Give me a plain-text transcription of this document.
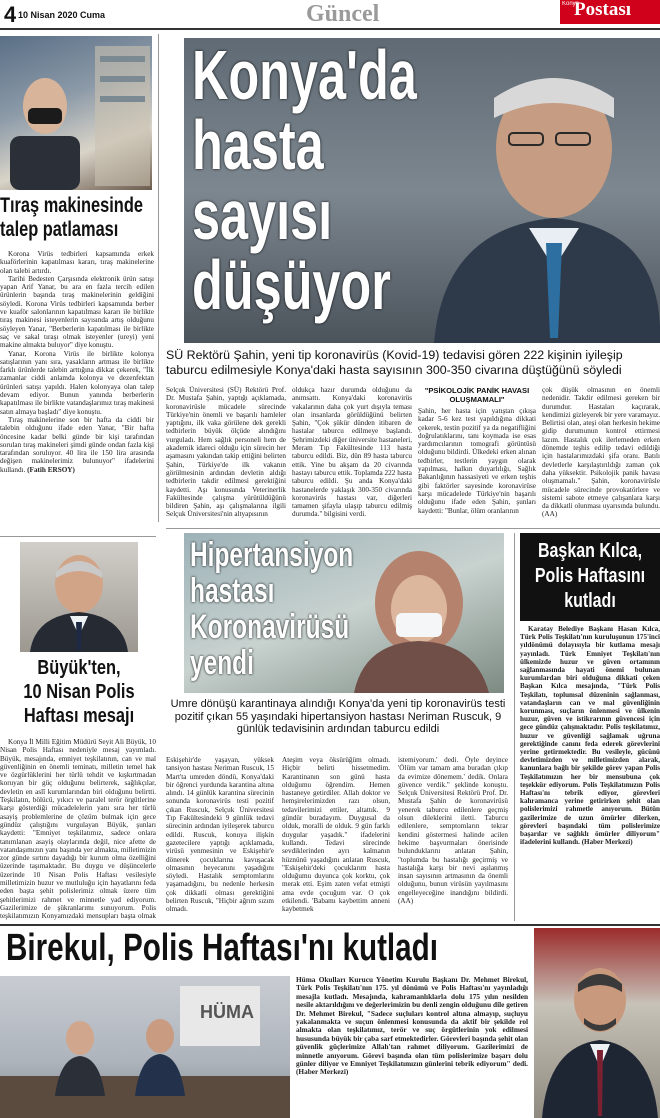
4 10 Nisan 2020 Cuma	Güncel	Konya
Postası
Tıraş makinesinde
talep patlaması

Korona Virüs tedbirleri kapsamında erkek kuaförlerinin kapatılması kararı, tıraş makinelerine olan talebi artırdı.

Tarihi Bedesten Çarşısında elektronik ürün satışı yapan Arif Yanar, bu ara en fazla tercih edilen ürünlerin başında tıraş makinelerinin geldiğini söyledi. Korona Virüs tedbirleri kapsamında berber ve kuaför salonlarının kapatılması kararı ile birlikte tıraş makinesi isteyenlerin sayısında artış olduğunu söyleyen Yanar, "Berberlerin kapatılması ile birlikte saç ve sakal tıraşı olmak isteyenler (ureyi) yeni makine almakta buluyor" diye konuştu.

Yanar, Korona Virüs ile birlikte kolonya satışlarının yanı sıra, yasakların artması ile birlikte farklı ürünlerde talebin arttığına dikkat çekerek, "İlk zamanlar ciddi anlamda kolonya ve dezenfektan ürünleri satışı yapıldı. Halen kolonyaya olan talep devam ediyor. Bunun yanında berberlerin kapatılması ile birlikte vatandaşlarımız tıraş makinesi satın almaya başladı" diye konuştu.

Tıraş makinelerine son bir hafta da ciddi bir talebin olduğunu ifade eden Yanar, "Bir hafta öncesine kadar belki günde bir kişi tarafından sorulan tıraş makineleri şimdi günde ondan fazla kişi tarafından soruluyor. 40 lira ile 150 lira arasında değişen makinelerimiz bulunuyor" ifadelerini kullandı. (Fatih ERSOY)

Konya'da
hasta
sayısı
düşüyor
SÜ Rektörü Şahin, yeni tip koronavirüs (Kovid-19) tedavisi gören 222 kişinin iyileşip taburcu edilmesiyle Konya'daki hasta sayısının 300-350 civarına düştüğünü söyledi
Selçuk Üniversitesi (SÜ) Rektörü Prof. Dr. Mustafa Şahin, yaptığı açıklamada, koronavirüsle mücadele sürecinde Türkiye'nin önemli ve başarılı hamleler yaptığını, ilk vaka görülene dek gerekli tedbirlerin büyük ölçüde alındığını vurguladı. Hem sağlık personeli hem de akademik idareci olduğu için sürecin her aşamasını yakından takip ettiğini belirten Şahin, Türkiye'de ilk vakanın görülmesinin ardından devletin aldığı tedbirlerin takdir edilmesi gerektiğini kaydetti. Aşı konusunda Veterinerlik Fakültesinde çalışma yürütüldüğünü bildiren Şahin, aşı çalışmalarına ilgili Selçuk Üniversitesi'nin altyapısının
oldukça hazır durumda olduğunu da anımsattı. Konya'daki koronavirüs vakalarının daha çok yurt dışıyla teması olan insanlarda görüldüğünü belirten Şahin, "Çok şükür dünden itibaren de hastalar taburcu edilmeye başlandı. Şehrimizdeki diğer üniversite hastaneleri, Meram Tıp Fakültesinde 113 hasta taburcu edildi. Biz, dün 89 hasta taburcu ettik. Yine bu akşam da 20 civarında hastayı taburcu ettik. Toplamda 222 hasta taburcu edildi. Şu anda Konya'daki hastanelerde yaklaşık 300-350 civarında koronavirüs hastası var, diğerleri tamamen şifayla ulaşıp taburcu edilmiş durumda." bilgisini verdi.
"PSİKOLOJİK PANİK HAVASI OLUŞMAMALI"
Şahin, her hasta için yatıştan çıkışa kadar 5-6 kez test yapıldığına dikkati çekerek, testin pozitif ya da negatifliğini doğrulatıklarını, tanı koymada ise esas yardımcılarının tomografi görüntüsü olduğunu bildirdi. Ülkedeki erken alınan tedbirler, testlerin yaygın olarak yapılması, halkın duyarlılığı, Sağlık Bakanlığının hassasiyeti ve erken teşhis gibi faktörler sayesinde koronavirüse karşı mücadelede Türkiye'nin başarılı olduğunu ifade eden Şahin, şunları kaydetti: "Bunlar, ölüm oranlarının
çok düşük olmasının en önemli nedenidir. Takdir edilmesi gereken bir durumdur. Hastaları kaçırarak, kendimizi gizleyerek bir yere varamayız. Belirtisi olan, ateşi olan herkesin hekime gidip durumunun kontrol ettirmesi lazım. Hastalık çok ilerlemeden erken dönemde teşhis edilip tedavi edildiği için hastalarımızdaki şifa oranı. Batılı devletlerle karşılaştırıldığı zaman çok daha yüksektir. Psikolojik panik havası oluşmamalı." Şahin, koronavirüsle mücadele sürecinde provokatörlere ve sistemi sabote etmeye çalışanlara karşı da dikkatli olunması uyarısında bulundu. (AA)
Büyük'ten,
10 Nisan Polis
Haftası mesajı
Konya İl Milli Eğitim Müdürü Seyit Ali Büyük, 10 Nisan Polis Haftası nedeniyle mesaj yayımladı. Büyük, mesajında, emniyet teşkilatının, can ve mal güvenliğinin en önemli teminatı, milletin temel hak ve özgürlüklerini her türlü tehdit ve kışkırtmadan koruyan bir güç olduğunu belirterek, sağlıkçılar, devletin en aslî kurumlarından biri olduğunu belirtti. Teşkilatın, bölücü, yıkıcı ve paralel terör örgütlerine karşı gösterdiği mücadelelerin yanı sıra her türlü asayiş problemlerine de çözüm bulmak için gece gündüz çalıştığını vurgulayan Büyük, şunları kaydetti: "Emniyet teşkilatımız, sadece onlara tanımlanan asayiş olaylarında değil, nice afette de vatandaşımızın yanı başında yer almakta, milletimizin zor günde sırtını dayadığı bir kurum olma özelliğini üzerinde taşımaktadır. Bu duygu ve düşüncelerle üzerinde 10 Nisan Polis Haftası vesilesiyle milletimizin huzur ve mutluluğu için hayatlarını feda eden başta şehit polislerimiz olmak üzere tüm şehitlerimizi rahmet ve minnetle yad ediyorum. Gazilerimize de şükranlarımı sunuyorum. Polis teşkilatımızın Konyamızdaki mensupları başta olmak
Hipertansiyon
hastası
Koronavirüsü
yendi
Umre dönüşü karantinaya alındığı Konya'da yeni tip koronavirüs testi pozitif çıkan 55 yaşındaki hipertansiyon hastası Neriman Ruscuk, 9 günlük tedavisinin ardından taburcu edildi
Eskişehir'de yaşayan, yüksek tansiyon hastası Neriman Ruscuk, 15 Mart'ta umreden döndü, Konya'daki bir öğrenci yurdunda karantina altına alındı. 14 günlük karantina sürecinin sonunda koronavirüs testi pozitif çıkan Ruscuk, Selçuk Üniversitesi Tıp Fakültesindeki 9 günlük tedavi sürecinin ardından iyileşerek taburcu edildi. Ruscuk, konuya ilişkin gazetecilere yaptığı açıklamada, virüsü yenmesinin ve Eskişehir'e dönerek çocuklarına kavuşacak olmasının heyecanını yaşadığını söyledi. Hastalık semptomlarını yaşamadığını, bu nedenle herkesin çok dikkatli olması gerektiğini belirten Ruscuk, "Hiçbir ağrım sızım olmadı.
Ateşim veya öksürüğüm olmadı. Hiçbir belirti hissetmedim. Karantinanın son günü hasta olduğumu öğrendim. Hemen hastaneye getirdiler. Allah doktor ve hemşirelerimizden razı olsun, tedavilerimizi ettiler, altattık. 9 gündür buradayım. Duygusal da olduk, moralli de olduk. 9 gün farklı duygular yaşadık." ifadelerini kullandı. Tedavi sürecinde sevdiklerinden ayrı kalmanın hüznünü yaşadığını anlatan Ruscuk, "Eskişehir'deki çocuklarım hasta olduğumu duyunca çok korktu, çok merak etti. Eşim zaten vefat etmişti ama evde çocuğum var. O çok etkilendi. 'Babamı kaybettim anneni kaybetmek
istemiyorum.' dedi. Öyle deyince 'Ölüm var tamam ama buradan çıkıp da evimize dönemem.' dedik. Onlara güvence verdik." şeklinde konuştu. Selçuk Üniversitesi Rektörü Prof. Dr. Mustafa Şahin de koronavirüsü yenerek taburcu edilenlere geçmiş olsun dileklerini iletti. Taburcu edilenlere, semptomların tekrar kendini göstermesi halinde acilen hekime başvurmaları önerisinde bulunduklarını anlatan Şahin, "toplumda bu hastalığı geçirmiş ve hastalığa karşı bir nevi aşılanmış insan sayısının artmasının da önemli olduğunu, bunun virüsün yayılmasını engelleyeceğine inandığını bildirdi. (AA)
Başkan Kılca,
Polis Haftasını
kutladı
Karatay Belediye Başkanı Hasan Kılca, Türk Polis Teşkilatı'nın kuruluşunun 175'inci yıldönümü dolayısıyla bir kutlama mesajı yayınladı. Türk Emniyet Teşkilatı'nın ülkemizde huzur ve güven ortamının sağlanmasında hayati önemi bulunan kurumlardan biri olduğuna dikkati çeken Başkan Kılca mesajında, "Türk Polis Teşkilatı, toplumsal düzeninin sağlanması, vatandaşların can ve mal güvenliğinin korunması, suçların önlenmesi ve ülkenin huzur, güven ve istikrarının güvencesi için gece gündüz çalışmaktadır. Polis teşkilatımız, huzur ve güvenliği sağlamak uğruna gerektiğinde canını feda ederek görevlerini yerine getirmektedir. Bu vesileyle, gücünü devletimizden ve milletimizden alarak, kanunlara bağlı bir şekilde görev yapan Polis Teşkilatımızın her bir mensubuna çok teşekkür ediyorum. Polis Teşkilatımızın Polis Haftası'nı tebrik ediyor, görevleri kahramanca yerine getirirken şehit olan polislerimizi rahmetle anıyorum. Bütün gazilerimize de uzun ömürler dilerken, görevleri başındaki tüm polislerimize başarılar ve sağlıklı ömürler diliyorum" ifadelerini kullandı. (Haber Merkezi)
Birekul, Polis Haftası'nı kutladı
HÜMA
Hüma Okulları Kurucu Yönetim Kurulu Başkanı Dr. Mehmet Birekul, Türk Polis Teşkilatı'nın 175. yıl dönümü ve Polis Haftası'nı yayınladığı mesajla kutladı. Mesajında, kahramanlıklarla dolu 175 yılın nesilden nesile aktarıldığını ve değerlerimizin bu denli zengin olduğunu dile getiren Dr. Mehmet Birekul, "Sadece suçluları kontrol altına almayıp, suçluyu yakalanmakta ve suçun önlenmesi konusunda da aktif bir şekilde rol almakta olan teşkilatımız, terör ve suç örgütlerinin yok edilmesi hususunda büyük bir çaba sarf etmektedirler. Görevleri başında şehit olan güvenlik güçlerimize Allah'tan rahmet diliyorum. Gazilerimizi de minnetle anıyorum. Görevi başında olan tüm polislerimize başarı dolu günler diliyor ve Emniyet Teşkilatımızın günlerini tebrik ediyorum" dedi. (Haber Merkezi)
